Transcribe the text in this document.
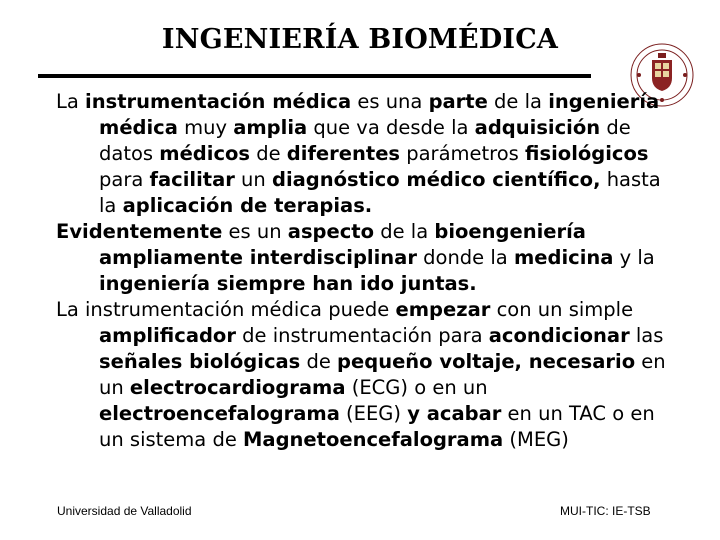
INGENIERÍA BIOMÉDICA

La instrumentación médica es una parte de la ingeniería médica muy amplia que va desde la adquisición de datos médicos de diferentes parámetros fisiológicos para facilitar un diagnóstico médico científico, hasta la aplicación de terapias.

Evidentemente es un aspecto de la bioengeniería ampliamente interdisciplinar donde la medicina y la ingeniería siempre han ido juntas.

La instrumentación médica puede empezar con un simple amplificador de instrumentación para acondicionar las señales biológicas de pequeño voltaje, necesario en un electrocardiograma (ECG) o en un electroencefalograma (EEG) y acabar en un TAC o en un sistema de Magnetoencefalograma (MEG)

Universidad de Valladolid	MUI-TIC: IE-TSB
